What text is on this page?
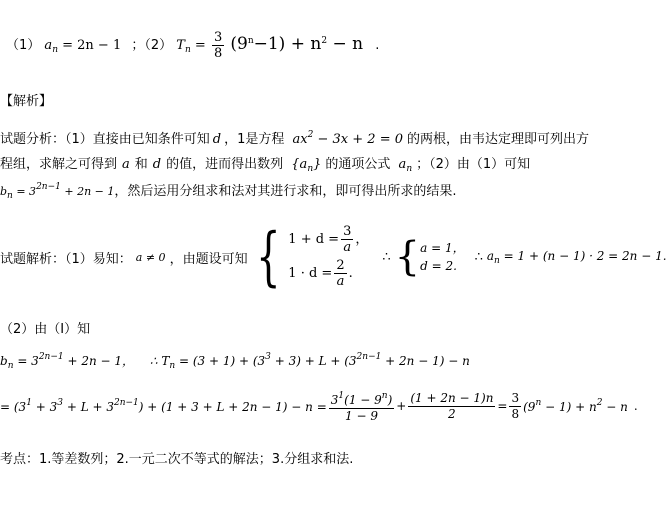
（1） $a_n = 2n - 1$ ；（2） $T_n = \frac{3}{8} (9^n-1) + n^2 - n$ .
【解析】
试题分析：（1）直接由已知条件可知 d ，1是方程 $ax^2 - 3x + 2 = 0$ 的两根，由韦达定理即可列出方
程组，求解之可得到 a 和 d 的值，进而得出数列 $\{a_n\}$ 的通项公式 $a_n$ ；（2）由（1）可知
$b_n = 3^{2n-1} + 2n - 1$，然后运用分组求和法对其进行求和，即可得出所求的结果.
试题解析：（1）易知： a ≠ 0 ，由题设可知 { $1 + d = \frac{3}{a}$ ，
$1 \cdot d = \frac{2}{a}$ .
∴ { a = 1，
d = 2.
∴ $a_n = 1 + (n - 1) \cdot 2 = 2n - 1$.
（2）由（I）知
$b_n = 3^{2n-1} + 2n - 1$， ∴ $T_n = (3 + 1) + (3^3 + 3) + L + (3^{2n-1} + 2n - 1) - n$
= $(3^1 + 3^3 + L + 3^{2n-1}) + (1 + 3 + L + 2n - 1) - n = \frac{3^1(1 - 9^n)}{1 - 9} + \frac{(1 + 2n - 1)n}{2} = \frac{3}{8} (9^n - 1) + n^2 - n$ .
考点：1.等差数列；2.一元二次不等式的解法；3.分组求和法.
